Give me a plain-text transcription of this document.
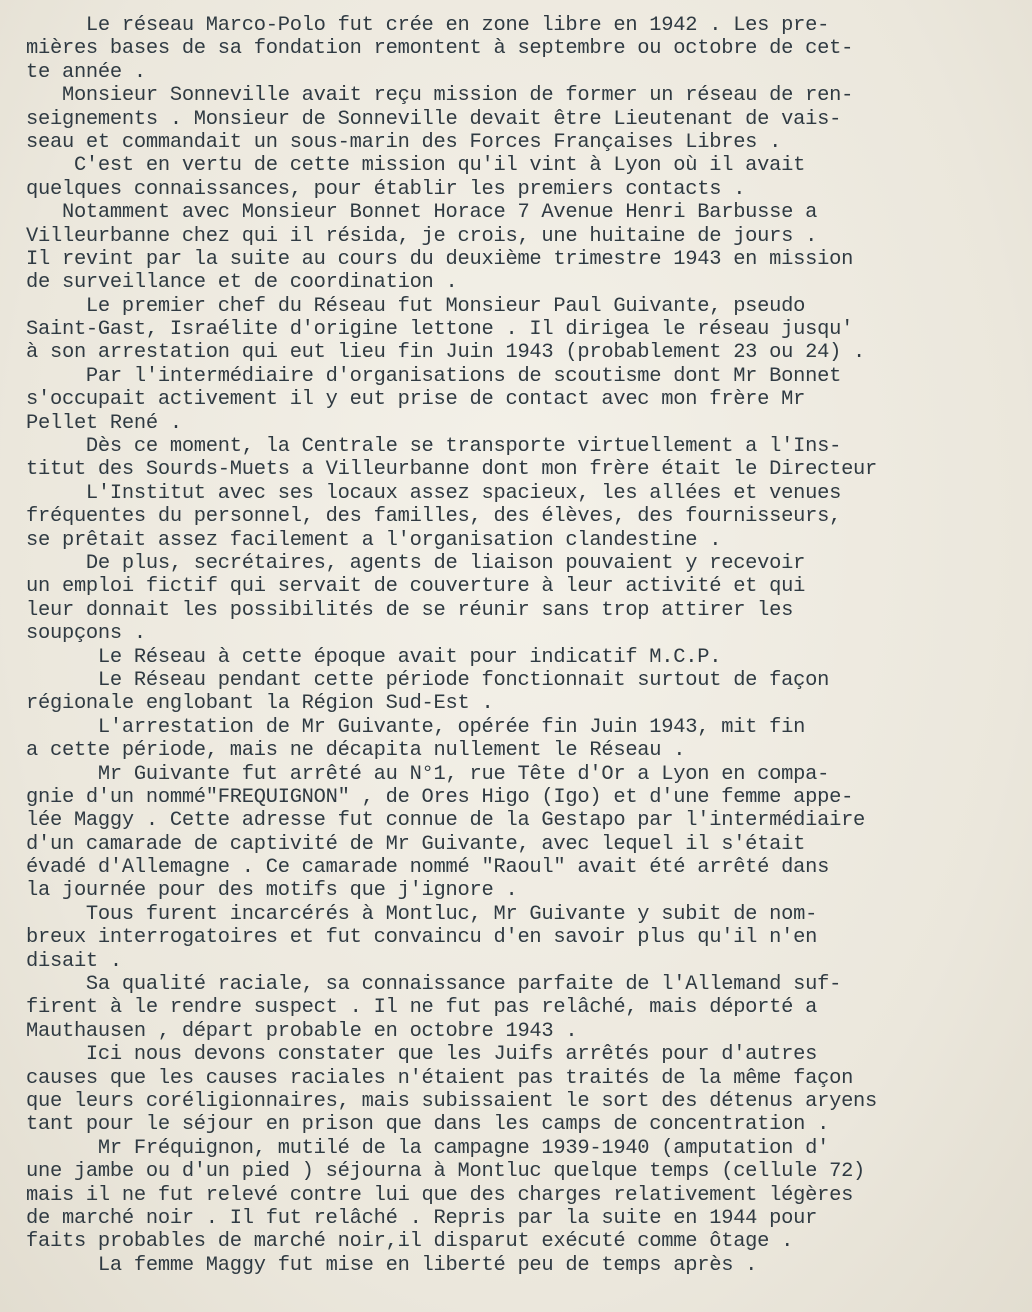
Le réseau Marco-Polo fut crée en zone libre en 1942 . Les pre-
mières bases de sa fondation remontent à septembre ou octobre de cet-
te année .
Monsieur Sonneville avait reçu mission de former un réseau de ren-
seignements . Monsieur de Sonneville devait être Lieutenant de vais-
seau et commandait un sous-marin des Forces Françaises Libres .
C'est en vertu de cette mission qu'il vint à Lyon où il avait
quelques connaissances, pour établir les premiers contacts .
Notamment avec Monsieur Bonnet Horace 7 Avenue Henri Barbusse a
Villeurbanne chez qui il résida, je crois, une huitaine de jours .
Il revint par la suite au cours du deuxième trimestre 1943 en mission
de surveillance et de coordination .
Le premier chef du Réseau fut Monsieur Paul Guivante, pseudo
Saint-Gast, Israélite d'origine lettone . Il dirigea le réseau jusqu'
à son arrestation qui eut lieu fin Juin 1943 (probablement 23 ou 24) .
Par l'intermédiaire d'organisations de scoutisme dont Mr Bonnet
s'occupait activement il y eut prise de contact avec mon frère Mr
Pellet René .
Dès ce moment, la Centrale se transporte virtuellement a l'Ins-
titut des Sourds-Muets a Villeurbanne dont mon frère était le Directeur
L'Institut avec ses locaux assez spacieux, les allées et venues
fréquentes du personnel, des familles, des élèves, des fournisseurs,
se prêtait assez facilement a l'organisation clandestine .
De plus, secrétaires, agents de liaison pouvaient y recevoir
un emploi fictif qui servait de couverture à leur activité et qui
leur donnait les possibilités de se réunir sans trop attirer les
soupçons .
Le Réseau à cette époque avait pour indicatif M.C.P.
Le Réseau pendant cette période fonctionnait surtout de façon
régionale englobant la Région Sud-Est .
L'arrestation de Mr Guivante, opérée fin Juin 1943, mit fin
a cette période, mais ne décapita nullement le Réseau .
Mr Guivante fut arrêté au N°1, rue Tête d'Or a Lyon en compa-
gnie d'un nommé"FREQUIGNON" , de Ores Higo (Igo) et d'une femme appe-
lée Maggy . Cette adresse fut connue de la Gestapo par l'intermédiaire
d'un camarade de captivité de Mr Guivante, avec lequel il s'était
évadé d'Allemagne . Ce camarade nommé "Raoul" avait été arrêté dans
la journée pour des motifs que j'ignore .
Tous furent incarcérés à Montluc, Mr Guivante y subit de nom-
breux interrogatoires et fut convaincu d'en savoir plus qu'il n'en
disait .
Sa qualité raciale, sa connaissance parfaite de l'Allemand suf-
firent à le rendre suspect . Il ne fut pas relâché, mais déporté a
Mauthausen , départ probable en octobre 1943 .
Ici nous devons constater que les Juifs arrêtés pour d'autres
causes que les causes raciales n'étaient pas traités de la même façon
que leurs coréligionnaires, mais subissaient le sort des détenus aryens
tant pour le séjour en prison que dans les camps de concentration .
Mr Fréquignon, mutilé de la campagne 1939-1940 (amputation d'
une jambe ou d'un pied ) séjourna à Montluc quelque temps (cellule 72)
mais il ne fut relevé contre lui que des charges relativement légères
de marché noir . Il fut relâché . Repris par la suite en 1944 pour
faits probables de marché noir,il disparut exécuté comme ôtage .
La femme Maggy fut mise en liberté peu de temps après .
